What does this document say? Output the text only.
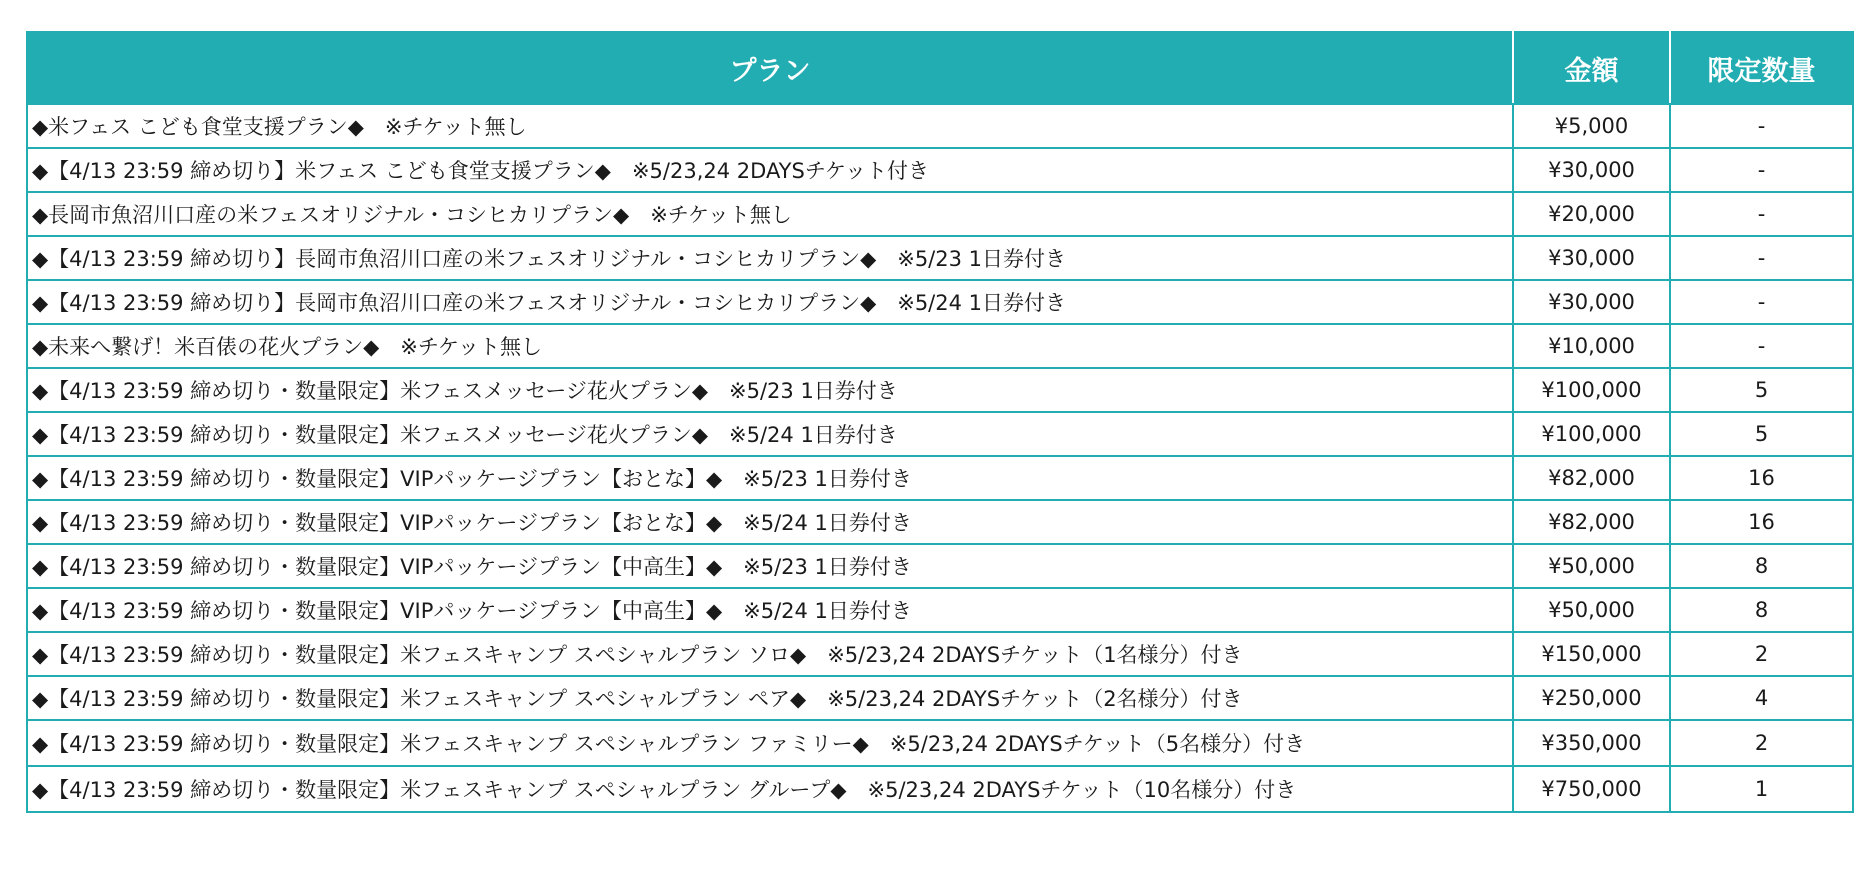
プラン	金額	限定数量
◆米フェス こども食堂支援プラン◆　※チケット無し	¥5,000	-
◆【4/13 23:59 締め切り】米フェス こども食堂支援プラン◆　※5/23,24 2DAYSチケット付き	¥30,000	-
◆長岡市魚沼川口産の米フェスオリジナル・コシヒカリプラン◆　※チケット無し	¥20,000	-
◆【4/13 23:59 締め切り】長岡市魚沼川口産の米フェスオリジナル・コシヒカリプラン◆　※5/23 1日券付き	¥30,000	-
◆【4/13 23:59 締め切り】長岡市魚沼川口産の米フェスオリジナル・コシヒカリプラン◆　※5/24 1日券付き	¥30,000	-
◆未来へ繋げ！米百俵の花火プラン◆　※チケット無し	¥10,000	-
◆【4/13 23:59 締め切り・数量限定】米フェスメッセージ花火プラン◆　※5/23 1日券付き	¥100,000	5
◆【4/13 23:59 締め切り・数量限定】米フェスメッセージ花火プラン◆　※5/24 1日券付き	¥100,000	5
◆【4/13 23:59 締め切り・数量限定】VIPパッケージプラン【おとな】◆　※5/23 1日券付き	¥82,000	16
◆【4/13 23:59 締め切り・数量限定】VIPパッケージプラン【おとな】◆　※5/24 1日券付き	¥82,000	16
◆【4/13 23:59 締め切り・数量限定】VIPパッケージプラン【中高生】◆　※5/23 1日券付き	¥50,000	8
◆【4/13 23:59 締め切り・数量限定】VIPパッケージプラン【中高生】◆　※5/24 1日券付き	¥50,000	8
◆【4/13 23:59 締め切り・数量限定】米フェスキャンプ スペシャルプラン ソロ◆　※5/23,24 2DAYSチケット（1名様分）付き	¥150,000	2
◆【4/13 23:59 締め切り・数量限定】米フェスキャンプ スペシャルプラン ペア◆　※5/23,24 2DAYSチケット（2名様分）付き	¥250,000	4
◆【4/13 23:59 締め切り・数量限定】米フェスキャンプ スペシャルプラン ファミリー◆　※5/23,24 2DAYSチケット（5名様分）付き	¥350,000	2
◆【4/13 23:59 締め切り・数量限定】米フェスキャンプ スペシャルプラン グループ◆　※5/23,24 2DAYSチケット（10名様分）付き	¥750,000	1
